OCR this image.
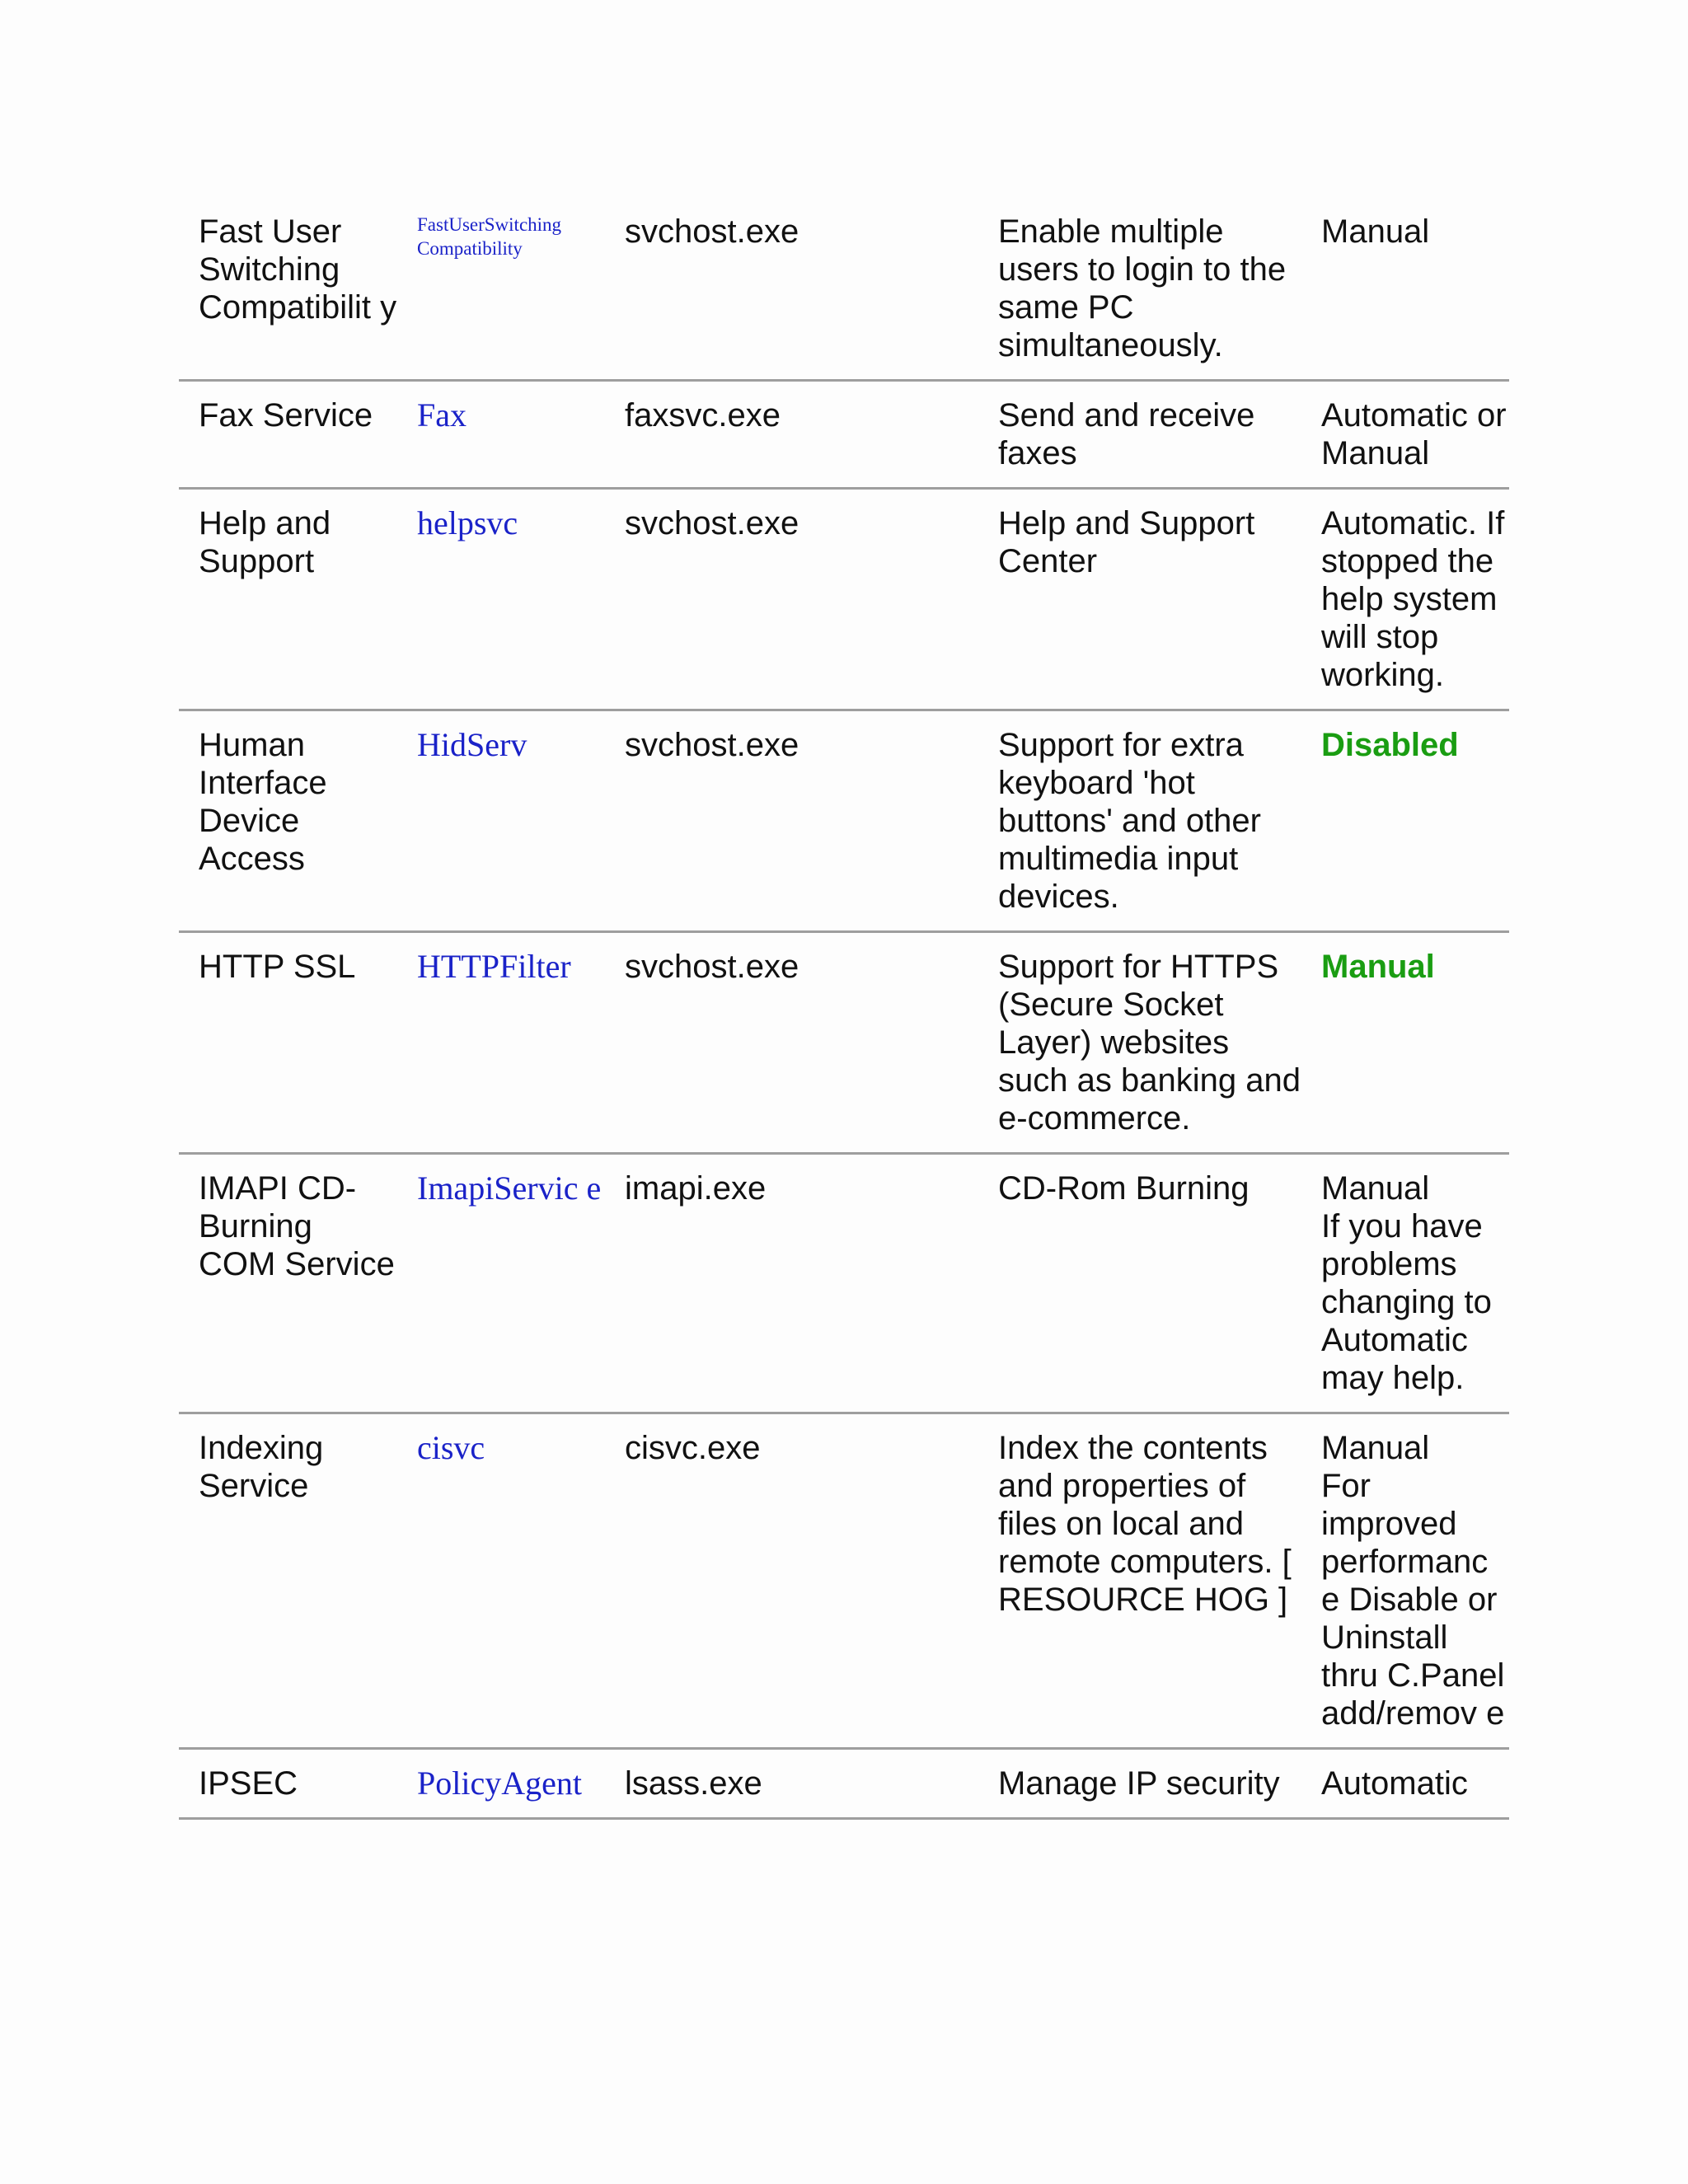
Fast User Switching Compatibilit y	FastUserSwitching Compatibility	svchost.exe	Enable multiple users to login to the same PC simultaneously.	Manual

Fax Service	Fax	faxsvc.exe	Send and receive faxes	Automatic or Manual

Help and Support	helpsvc	svchost.exe	Help and Support Center	Automatic. If stopped the help system will stop working.

Human Interface Device Access	HidServ	svchost.exe	Support for extra keyboard 'hot buttons' and other multimedia input devices.	Disabled

HTTP SSL	HTTPFilter	svchost.exe	Support for HTTPS (Secure Socket Layer) websites such as banking and e-commerce.	Manual

IMAPI CD-Burning COM Service	ImapiServic e	imapi.exe	CD-Rom Burning	Manual
If you have problems changing to Automatic may help.

Indexing Service	cisvc	cisvc.exe	Index the contents and properties of files on local and remote computers. [ RESOURCE HOG ]	Manual
For improved performanc e Disable or Uninstall thru C.Panel add/remov e

IPSEC	PolicyAgent	lsass.exe	Manage IP security	Automatic
